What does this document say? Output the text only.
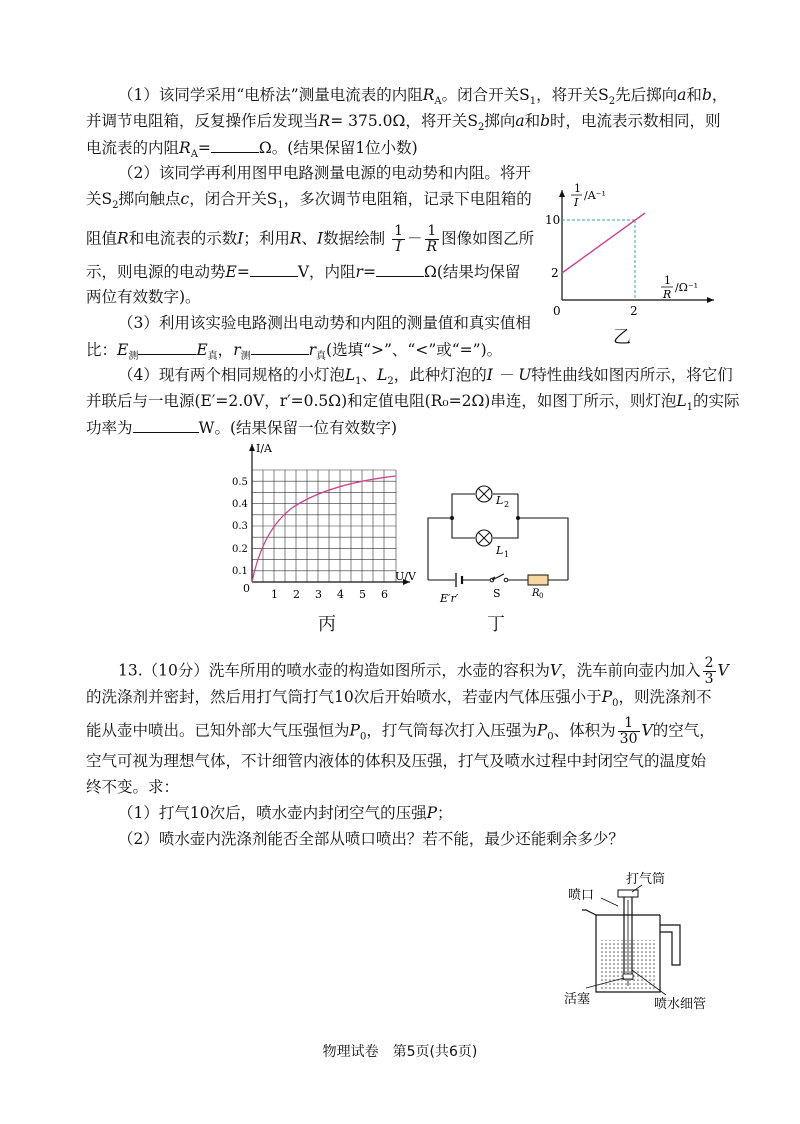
（1）该同学采用“电桥法”测量电流表的内阻$R_A$。闭合开关$S_1$，将开关$S_2$先后掷向a和b，
并调节电阻箱，反复操作后发现当R= 375.0Ω，将开关$S_2$掷向a和b时，电流表示数相同，则
电流表的内阻$R_A=$	Ω。(结果保留1位小数)
（2）该同学再利用图甲电路测量电源的电动势和内阻。将开
关$S_2$掷向触点c，闭合开关$S_1$，多次调节电阻箱，记录下电阻箱的
阻值R和电流表的示数I；利用R、I数据绘制 $\frac{1}{I} - \frac{1}{R}$ 图像如图乙所
示，则电源的电动势E=	V，内阻r=	Ω(结果均保留
两位有效数字)。
（3）利用该实验电路测出电动势和内阻的测量值和真实值相
比：$E_测$	$E_真$，$r_测$	$r_真$(选填“>”、“<”或“=”)。
（4）现有两个相同规格的小灯泡$L_1$、$L_2$，此种灯泡的I － U特性曲线如图丙所示，将它们
并联后与一电源(E′=2.0V，r′=0.5Ω)和定值电阻(R₀=2Ω)串连，如图丁所示，则灯泡$L_1$的实际
功率为	W。(结果保留一位有效数字)
0	2
10
2
1
I
/A⁻¹
1
R
/Ω⁻¹
乙
I/A
U/V
0
0.1
0.2
0.3
0.4
0.5
1 2 3 4 5 6
丙
L 2
L 1
E′r′	S	R 0
丁
13.（10分）洗车所用的喷水壶的构造如图所示，水壶的容积为V，洗车前向壶内加入 $\frac{2}{3}$ V
的洗涤剂并密封，然后用打气筒打气10次后开始喷水，若壶内气体压强小于$P_0$，则洗涤剂不
能从壶中喷出。已知外部大气压强恒为$P_0$，打气筒每次打入压强为$P_0$、体积为 $\frac{1}{30}$ V的空气，
空气可视为理想气体，不计细管内液体的体积及压强，打气及喷水过程中封闭空气的温度始
终不变。求：
（1）打气10次后，喷水壶内封闭空气的压强P；
（2）喷水壶内洗涤剂能否全部从喷口喷出？若不能，最少还能剩余多少？
打气筒
喷口
活塞	喷水细管
物理试卷　第5页(共6页)
